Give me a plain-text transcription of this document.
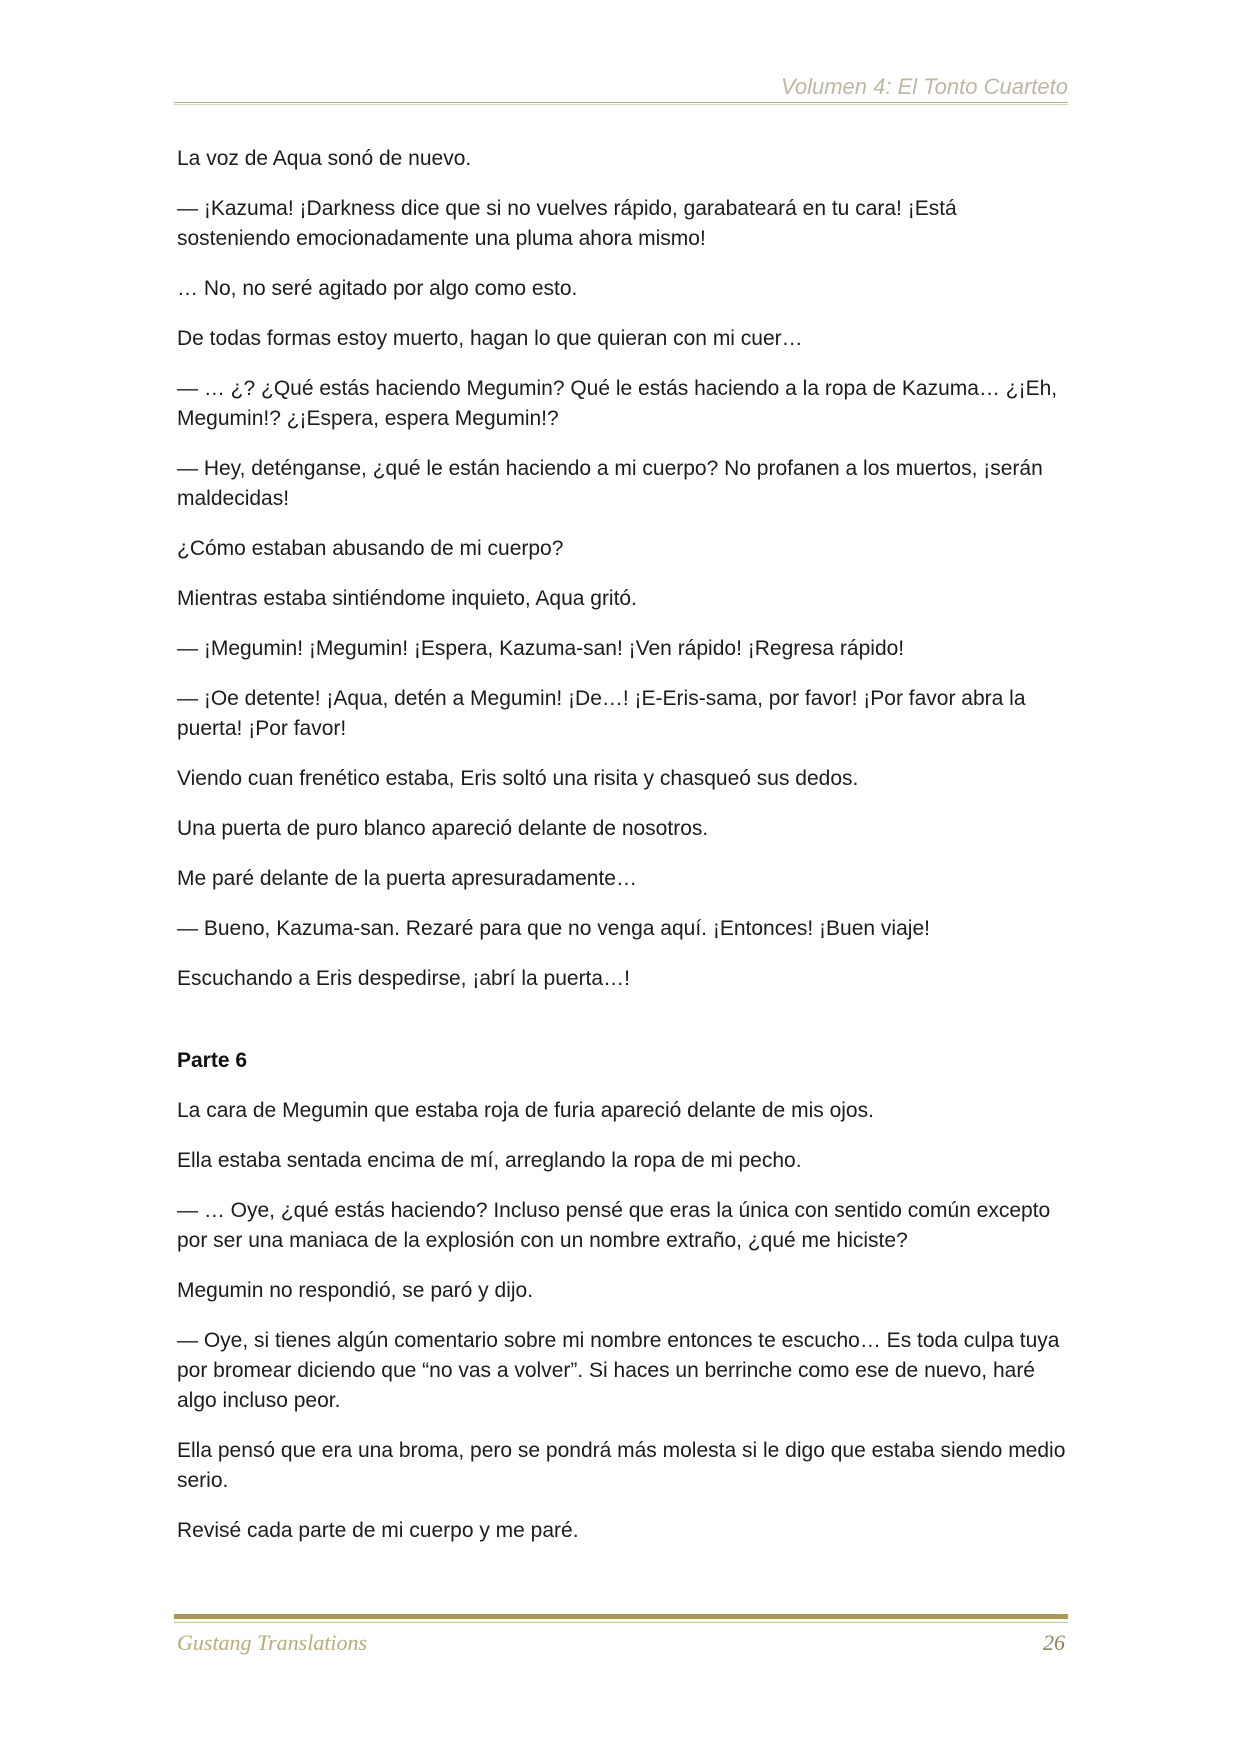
Volumen 4: El Tonto Cuarteto

La voz de Aqua sonó de nuevo.

— ¡Kazuma! ¡Darkness dice que si no vuelves rápido, garabateará en tu cara! ¡Está sosteniendo emocionadamente una pluma ahora mismo!

… No, no seré agitado por algo como esto.

De todas formas estoy muerto, hagan lo que quieran con mi cuer…

— … ¿? ¿Qué estás haciendo Megumin? Qué le estás haciendo a la ropa de Kazuma… ¿¡Eh, Megumin!? ¿¡Espera, espera Megumin!?

— Hey, deténganse, ¿qué le están haciendo a mi cuerpo? No profanen a los muertos, ¡serán maldecidas!

¿Cómo estaban abusando de mi cuerpo?

Mientras estaba sintiéndome inquieto, Aqua gritó.

— ¡Megumin! ¡Megumin! ¡Espera, Kazuma-san! ¡Ven rápido! ¡Regresa rápido!

— ¡Oe detente! ¡Aqua, detén a Megumin! ¡De…! ¡E-Eris-sama, por favor! ¡Por favor abra la puerta! ¡Por favor!

Viendo cuan frenético estaba, Eris soltó una risita y chasqueó sus dedos.

Una puerta de puro blanco apareció delante de nosotros.

Me paré delante de la puerta apresuradamente…

— Bueno, Kazuma-san. Rezaré para que no venga aquí. ¡Entonces! ¡Buen viaje!

Escuchando a Eris despedirse, ¡abrí la puerta…!

Parte 6

La cara de Megumin que estaba roja de furia apareció delante de mis ojos.

Ella estaba sentada encima de mí, arreglando la ropa de mi pecho.

— … Oye, ¿qué estás haciendo? Incluso pensé que eras la única con sentido común excepto por ser una maniaca de la explosión con un nombre extraño, ¿qué me hiciste?

Megumin no respondió, se paró y dijo.

— Oye, si tienes algún comentario sobre mi nombre entonces te escucho… Es toda culpa tuya por bromear diciendo que “no vas a volver”. Si haces un berrinche como ese de nuevo, haré algo incluso peor.

Ella pensó que era una broma, pero se pondrá más molesta si le digo que estaba siendo medio serio.

Revisé cada parte de mi cuerpo y me paré.

Gustang Translations	26
